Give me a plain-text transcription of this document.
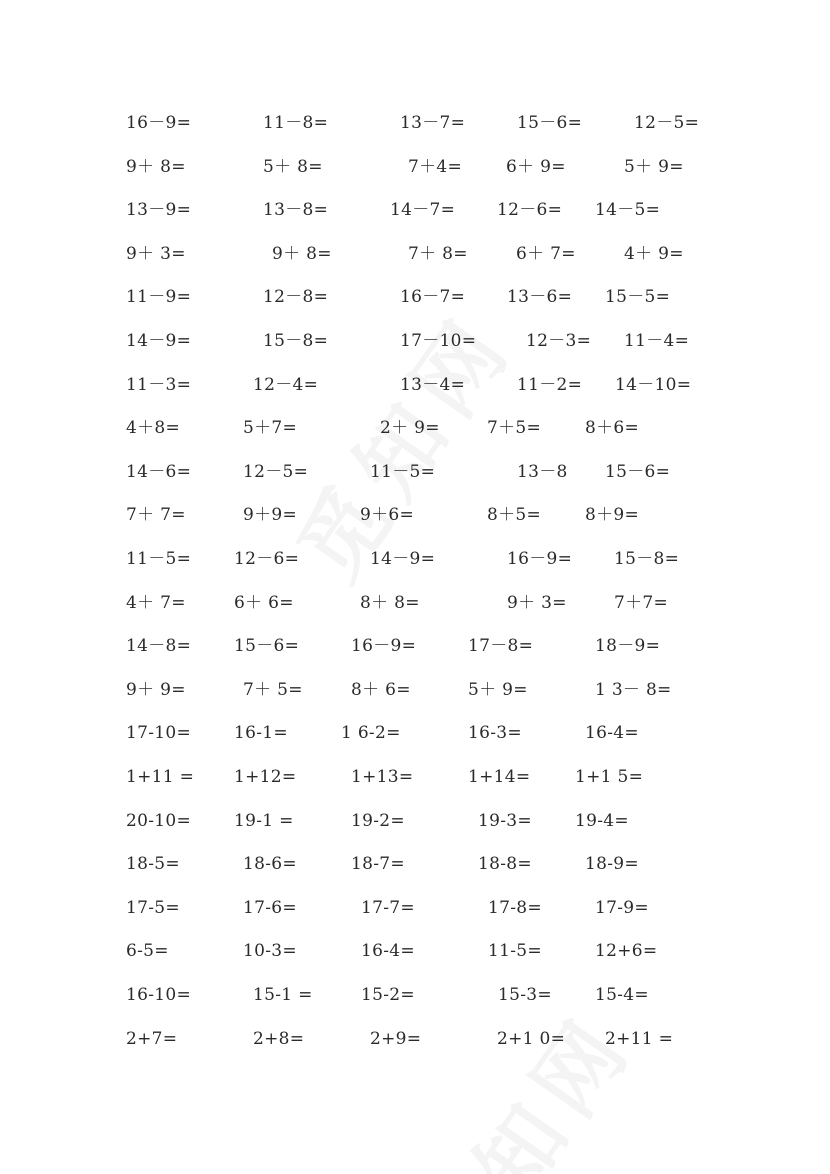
16－9=	11－8=	13－7=	15－6=	12－5=
9＋ 8=	5＋ 8=	7＋4=	6＋ 9=	5＋ 9=
13－9=	13－8=	14－7= 12－6= 14－5=
9＋ 3=	9＋ 8=	7＋ 8=	6＋ 7=	4＋ 9=
11－9=	12－8=	16－7= 13－6= 15－5=
14－9=	15－8=	17－10=	12－3= 11－4=
11－3=	12－4=	13－4=	11－2= 14－10=
4＋8=	5＋7=	2＋ 9=	7＋5=	8＋6=
14－6=	12－5=	11－5=	13－8 15－6=
7＋ 7=	9＋9=	9＋6=	8＋5=	8＋9=
11－5=	12－6=	14－9=	16－9= 15－8=
4＋ 7=	6＋ 6=	8＋ 8=	9＋ 3=	7＋7=
14－8=	15－6=	16－9=	17－8=	18－9=
9＋ 9=	7＋ 5=	8＋ 6=	5＋ 9=	1 3－ 8=
17-10=	16-1=	1 6-2=	16-3=	16-4=
1+11 = 1+12=	1+13=	1+14=	1+1 5=
20-10=	19-1 =	19-2=	19-3=	19-4=
18-5=	18-6=	18-7=	18-8=	18-9=
17-5=	17-6=	17-7=	17-8=	17-9=
6-5=	10-3=	16-4=	11-5=	12+6=
16-10=	15-1 =	15-2=	15-3=	15-4=
2+7=	2+8=	2+9=	2+1 0= 2+11 =
